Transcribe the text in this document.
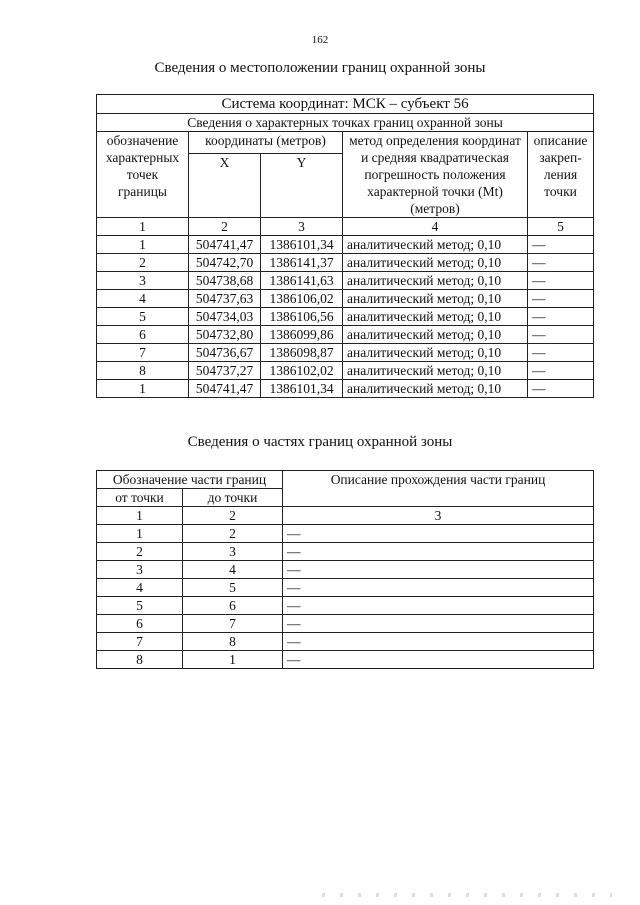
162
Сведения о местоположении границ охранной зоны
Система координат: МСК – субъект 56				
Сведения о характерных точках границ охранной зоны				
обозначение характерных точек границы	координаты (метров)		метод определения координат и средняя квадратическая погрешность положения характерной точки (Mt) (метров)	описание закреп-ления точки
	X	Y		
1	2	3	4	5
1	504741,47	1386101,34	аналитический метод; 0,10	—
2	504742,70	1386141,37	аналитический метод; 0,10	—
3	504738,68	1386141,63	аналитический метод; 0,10	—
4	504737,63	1386106,02	аналитический метод; 0,10	—
5	504734,03	1386106,56	аналитический метод; 0,10	—
6	504732,80	1386099,86	аналитический метод; 0,10	—
7	504736,67	1386098,87	аналитический метод; 0,10	—
8	504737,27	1386102,02	аналитический метод; 0,10	—
1	504741,47	1386101,34	аналитический метод; 0,10	—
Сведения о частях границ охранной зоны
Обозначение части границ		Описание прохождения части границ
от точки	до точки	
1	2	3
1	2	—
2	3	—
3	4	—
4	5	—
5	6	—
6	7	—
7	8	—
8	1	—
